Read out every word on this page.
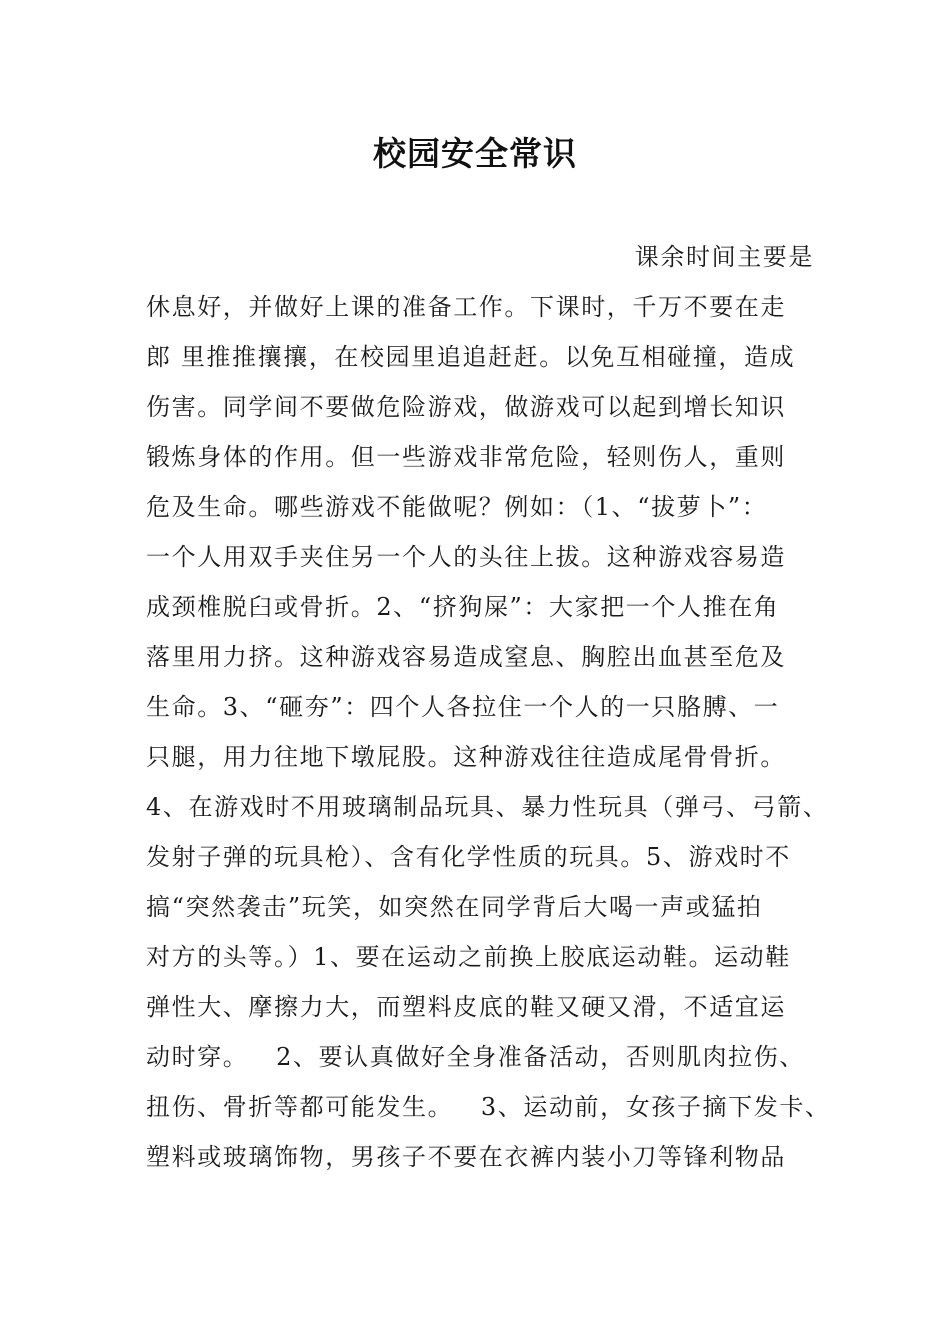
校园安全常识
课余时间主要是
休息好，并做好上课的准备工作。下课时，千万不要在走
郎 里推推攘攘，在校园里追追赶赶。以免互相碰撞，造成
伤害。同学间不要做危险游戏，做游戏可以起到增长知识
锻炼身体的作用。但一些游戏非常危险，轻则伤人，重则
危及生命。哪些游戏不能做呢？例如：（1、“拔萝卜”：
一个人用双手夹住另一个人的头往上拔。这种游戏容易造
成颈椎脱臼或骨折。2、“挤狗屎”：大家把一个人推在角
落里用力挤。这种游戏容易造成窒息、胸腔出血甚至危及
生命。3、“砸夯”：四个人各拉住一个人的一只胳膊、一
只腿，用力往地下墩屁股。这种游戏往往造成尾骨骨折。
4、在游戏时不用玻璃制品玩具、暴力性玩具（弹弓、弓箭、
发射子弹的玩具枪）、含有化学性质的玩具。5、游戏时不
搞“突然袭击”玩笑，如突然在同学背后大喝一声或猛拍
对方的头等。）1、要在运动之前换上胶底运动鞋。运动鞋
弹性大、摩擦力大，而塑料皮底的鞋又硬又滑，不适宜运
动时穿。   2、要认真做好全身准备活动，否则肌肉拉伤、
扭伤、骨折等都可能发生。   3、运动前，女孩子摘下发卡、
塑料或玻璃饰物，男孩子不要在衣裤内装小刀等锋利物品
